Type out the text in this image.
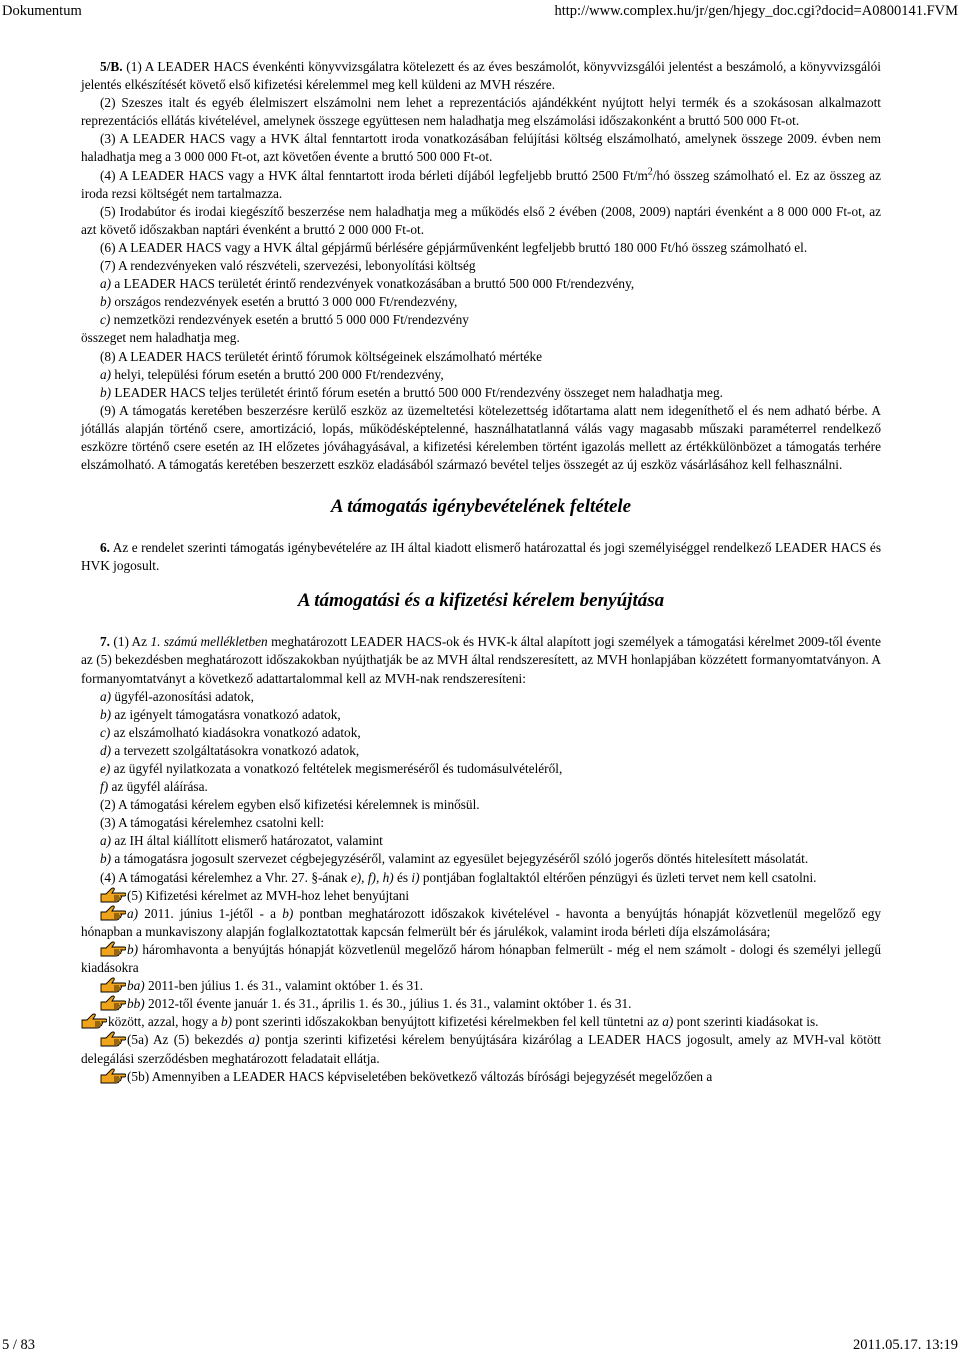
Dokumentum	http://www.complex.hu/jr/gen/hjegy_doc.cgi?docid=A0800141.FVM

5/B. (1) A LEADER HACS évenkénti könyvvizsgálatra kötelezett és az éves beszámolót, könyvvizsgálói jelentést a beszámoló, a könyvvizsgálói jelentés elkészítését követő első kifizetési kérelemmel meg kell küldeni az MVH részére.

(2) Szeszes italt és egyéb élelmiszert elszámolni nem lehet a reprezentációs ajándékként nyújtott helyi termék és a szokásosan alkalmazott reprezentációs ellátás kivételével, amelynek összege együttesen nem haladhatja meg elszámolási időszakonként a bruttó 500 000 Ft-ot.

(3) A LEADER HACS vagy a HVK által fenntartott iroda vonatkozásában felújítási költség elszámolható, amelynek összege 2009. évben nem haladhatja meg a 3 000 000 Ft-ot, azt követően évente a bruttó 500 000 Ft-ot.

(4) A LEADER HACS vagy a HVK által fenntartott iroda bérleti díjából legfeljebb bruttó 2500 $Ft/m^2/hó$ összeg számolható el. Ez az összeg az iroda rezsi költségét nem tartalmazza.

(5) Irodabútor és irodai kiegészítő beszerzése nem haladhatja meg a működés első 2 évében (2008, 2009) naptári évenként a 8 000 000 Ft-ot, az azt követő időszakban naptári évenként a bruttó 2 000 000 Ft-ot.

(6) A LEADER HACS vagy a HVK által gépjármű bérlésére gépjárművenként legfeljebb bruttó 180 000 Ft/hó összeg számolható el.

(7) A rendezvényeken való részvételi, szervezési, lebonyolítási költség

a) a LEADER HACS területét érintő rendezvények vonatkozásában a bruttó 500 000 Ft/rendezvény,

b) országos rendezvények esetén a bruttó 3 000 000 Ft/rendezvény,

c) nemzetközi rendezvények esetén a bruttó 5 000 000 Ft/rendezvény

összeget nem haladhatja meg.

(8) A LEADER HACS területét érintő fórumok költségeinek elszámolható mértéke

a) helyi, települési fórum esetén a bruttó 200 000 Ft/rendezvény,

b) LEADER HACS teljes területét érintő fórum esetén a bruttó 500 000 Ft/rendezvény összeget nem haladhatja meg.

(9) A támogatás keretében beszerzésre kerülő eszköz az üzemeltetési kötelezettség időtartama alatt nem idegeníthető el és nem adható bérbe. A jótállás alapján történő csere, amortizáció, lopás, működésképtelenné, használhatatlanná válás vagy magasabb műszaki paraméterrel rendelkező eszközre történő csere esetén az IH előzetes jóváhagyásával, a kifizetési kérelemben történt igazolás mellett az értékkülönbözet a támogatás terhére elszámolható. A támogatás keretében beszerzett eszköz eladásából származó bevétel teljes összegét az új eszköz vásárlásához kell felhasználni.

A támogatás igénybevételének feltétele

6. Az e rendelet szerinti támogatás igénybevételére az IH által kiadott elismerő határozattal és jogi személyiséggel rendelkező LEADER HACS és HVK jogosult.

A támogatási és a kifizetési kérelem benyújtása

7. (1) Az 1. számú mellékletben meghatározott LEADER HACS-ok és HVK-k által alapított jogi személyek a támogatási kérelmet 2009-től évente az (5) bekezdésben meghatározott időszakokban nyújthatják be az MVH által rendszeresített, az MVH honlapjában közzétett formanyomtatványon. A formanyomtatványt a következő adattartalommal kell az MVH-nak rendszeresíteni:

a) ügyfél-azonosítási adatok,

b) az igényelt támogatásra vonatkozó adatok,

c) az elszámolható kiadásokra vonatkozó adatok,

d) a tervezett szolgáltatásokra vonatkozó adatok,

e) az ügyfél nyilatkozata a vonatkozó feltételek megismeréséről és tudomásulvételéről,

f) az ügyfél aláírása.

(2) A támogatási kérelem egyben első kifizetési kérelemnek is minősül.

(3) A támogatási kérelemhez csatolni kell:

a) az IH által kiállított elismerő határozatot, valamint

b) a támogatásra jogosult szervezet cégbejegyzéséről, valamint az egyesület bejegyzéséről szóló jogerős döntés hitelesített másolatát.

(4) A támogatási kérelemhez a Vhr. 27. §-ának e), f), h) és i) pontjában foglaltaktól eltérően pénzügyi és üzleti tervet nem kell csatolni.

(5) Kifizetési kérelmet az MVH-hoz lehet benyújtani

a) 2011. június 1-jétől - a b) pontban meghatározott időszakok kivételével - havonta a benyújtás hónapját közvetlenül megelőző egy hónapban a munkaviszony alapján foglalkoztatottak kapcsán felmerült bér és járulékok, valamint iroda bérleti díja elszámolására;

b) háromhavonta a benyújtás hónapját közvetlenül megelőző három hónapban felmerült - még el nem számolt - dologi és személyi jellegű kiadásokra

ba) 2011-ben július 1. és 31., valamint október 1. és 31.

bb) 2012-től évente január 1. és 31., április 1. és 30., július 1. és 31., valamint október 1. és 31.

között, azzal, hogy a b) pont szerinti időszakokban benyújtott kifizetési kérelmekben fel kell tüntetni az a) pont szerinti kiadásokat is.

(5a) Az (5) bekezdés a) pontja szerinti kifizetési kérelem benyújtására kizárólag a LEADER HACS jogosult, amely az MVH-val kötött delegálási szerződésben meghatározott feladatait ellátja.

(5b) Amennyiben a LEADER HACS képviseletében bekövetkező változás bírósági bejegyzését megelőzően a

5 / 83	2011.05.17. 13:19
